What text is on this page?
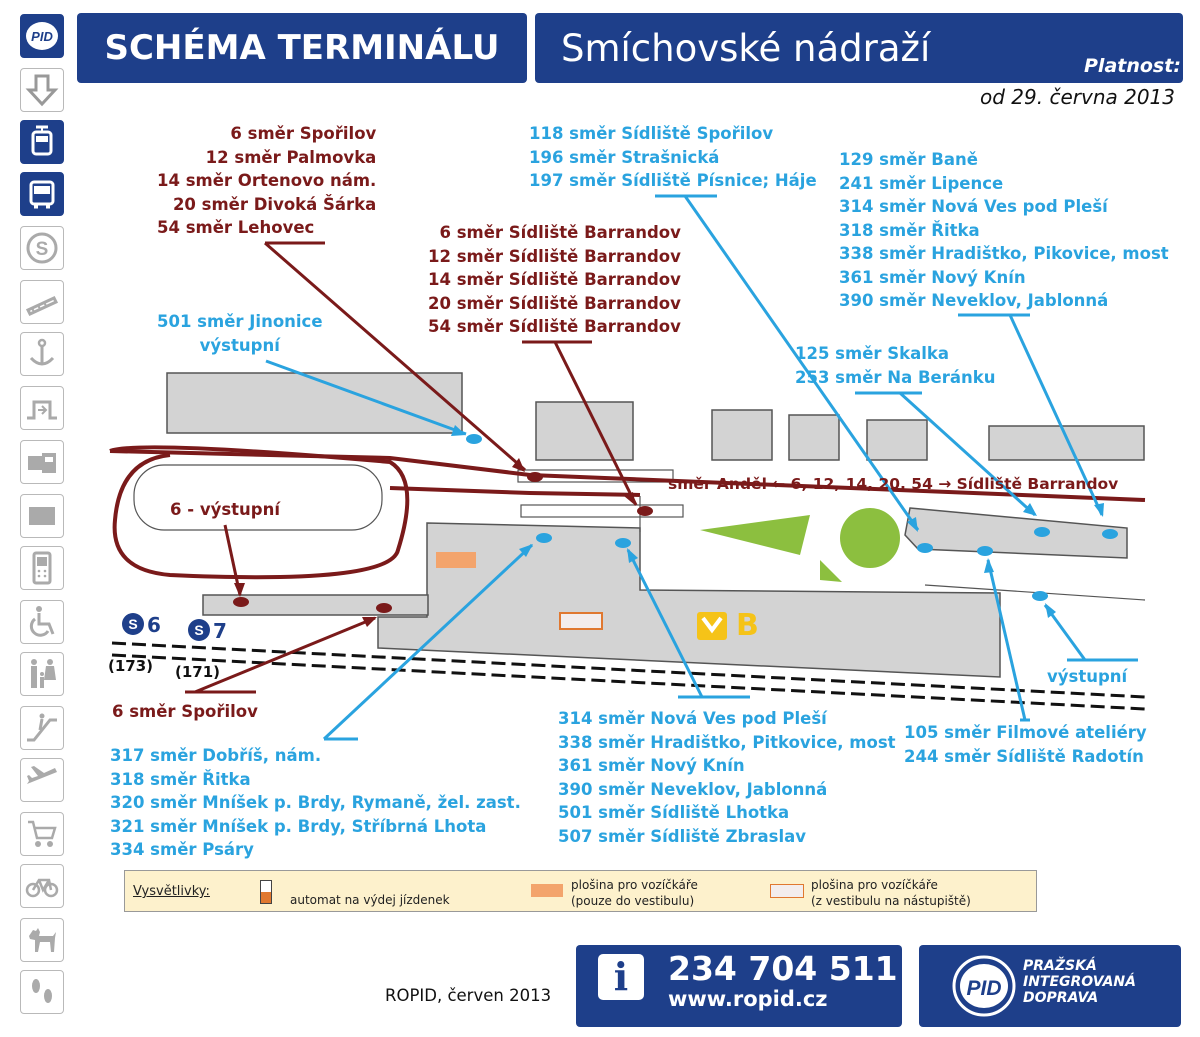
PID
S
SCHÉMA TERMINÁLU	Smíchovské nádraží	Platnost:
od 29. června 2013
S	S	B
6	7
(173) (171)
6 směr Spořilov
12 směr Palmovka
14 směr Ortenovo nám.
20 směr Divoká Šárka
54 směr Lehovec	6 směr Sídliště Barrandov
12 směr Sídliště Barrandov
14 směr Sídliště Barrandov
20 směr Sídliště Barrandov
54 směr Sídliště Barrandov
118 směr Sídliště Spořilov
196 směr Strašnická
197 směr Sídliště Písnice; Háje
129 směr Baně
241 směr Lipence
314 směr Nová Ves pod Pleší
318 směr Řitka
338 směr Hradištko, Pikovice, most
361 směr Nový Knín
390 směr Neveklov, Jablonná
125 směr Skalka
253 směr Na Beránku
501 směr Jinonice
výstupní
6 - výstupní
směr Anděl ← 6, 12, 14, 20, 54 → Sídliště Barrandov
6 směr Spořilov
317 směr Dobříš, nám.
318 směr Řitka
320 směr Mníšek p. Brdy, Rymaně, žel. zast.
321 směr Mníšek p. Brdy, Stříbrná Lhota
334 směr Psáry
314 směr Nová Ves pod Pleší
338 směr Hradištko, Pitkovice, most
361 směr Nový Knín
390 směr Neveklov, Jablonná
501 směr Sídliště Lhotka
507 směr Sídliště Zbraslav
105 směr Filmové ateliéry
244 směr Sídliště Radotín
výstupní
Vysvětlivky:
automat na výdej jízdenek
plošina pro vozíčkáře
(pouze do vestibulu)
plošina pro vozíčkáře
(z vestibulu na nástupiště)
ROPID, červen 2013	i	234 704 511
www.ropid.cz	PID
PRAŽSKÁ
INTEGROVANÁ
DOPRAVA
